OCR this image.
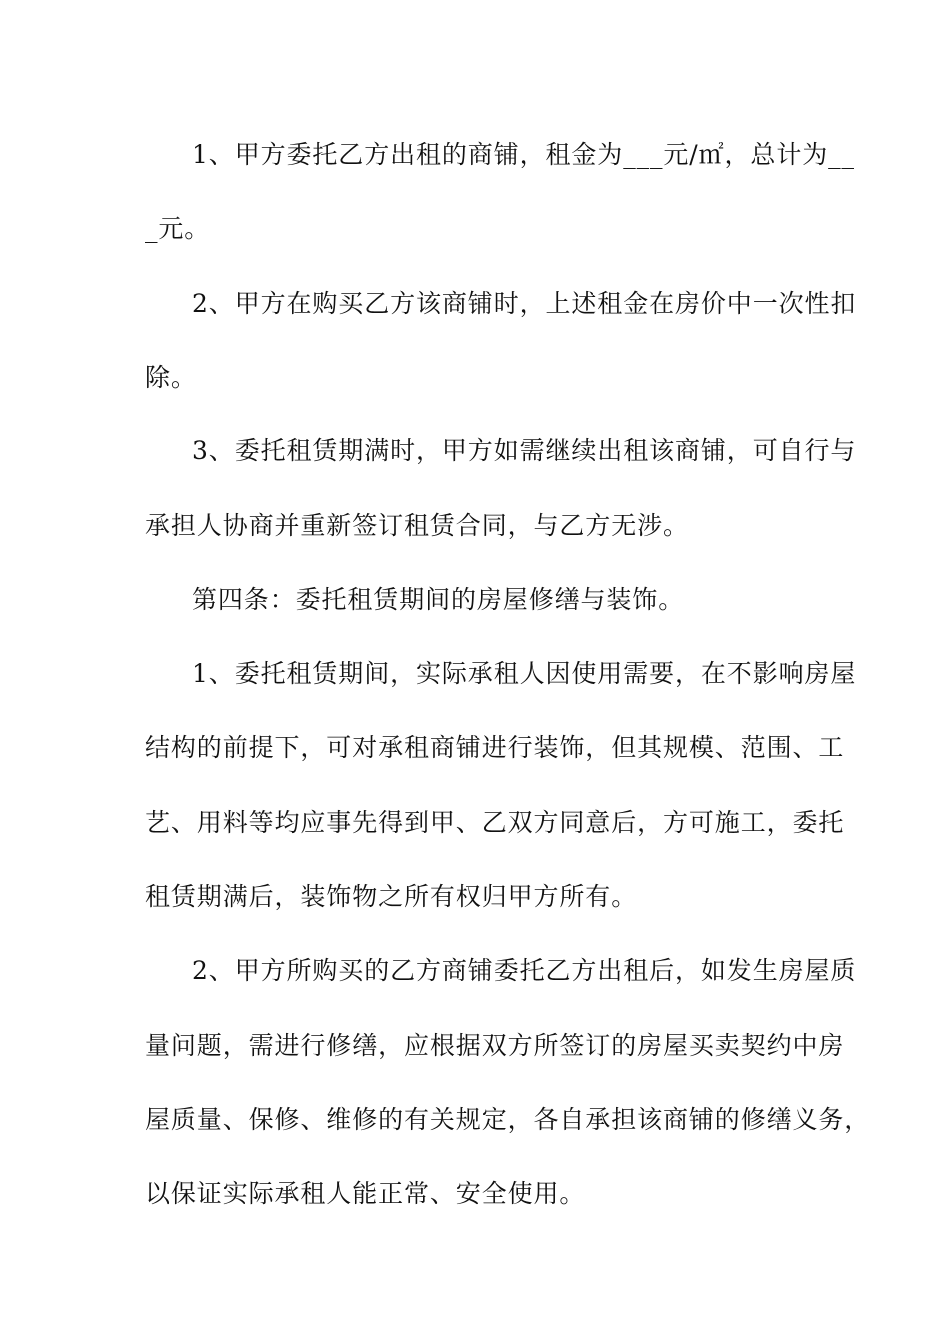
1、甲方委托乙方出租的商铺，租金为___元/㎡，总计为__
_元。
2、甲方在购买乙方该商铺时，上述租金在房价中一次性扣
除。
3、委托租赁期满时，甲方如需继续出租该商铺，可自行与
承担人协商并重新签订租赁合同，与乙方无涉。
第四条：委托租赁期间的房屋修缮与装饰。
1、委托租赁期间，实际承租人因使用需要，在不影响房屋
结构的前提下，可对承租商铺进行装饰，但其规模、范围、工
艺、用料等均应事先得到甲、乙双方同意后，方可施工，委托
租赁期满后，装饰物之所有权归甲方所有。
2、甲方所购买的乙方商铺委托乙方出租后，如发生房屋质
量问题，需进行修缮，应根据双方所签订的房屋买卖契约中房
屋质量、保修、维修的有关规定，各自承担该商铺的修缮义务，
以保证实际承租人能正常、安全使用。
